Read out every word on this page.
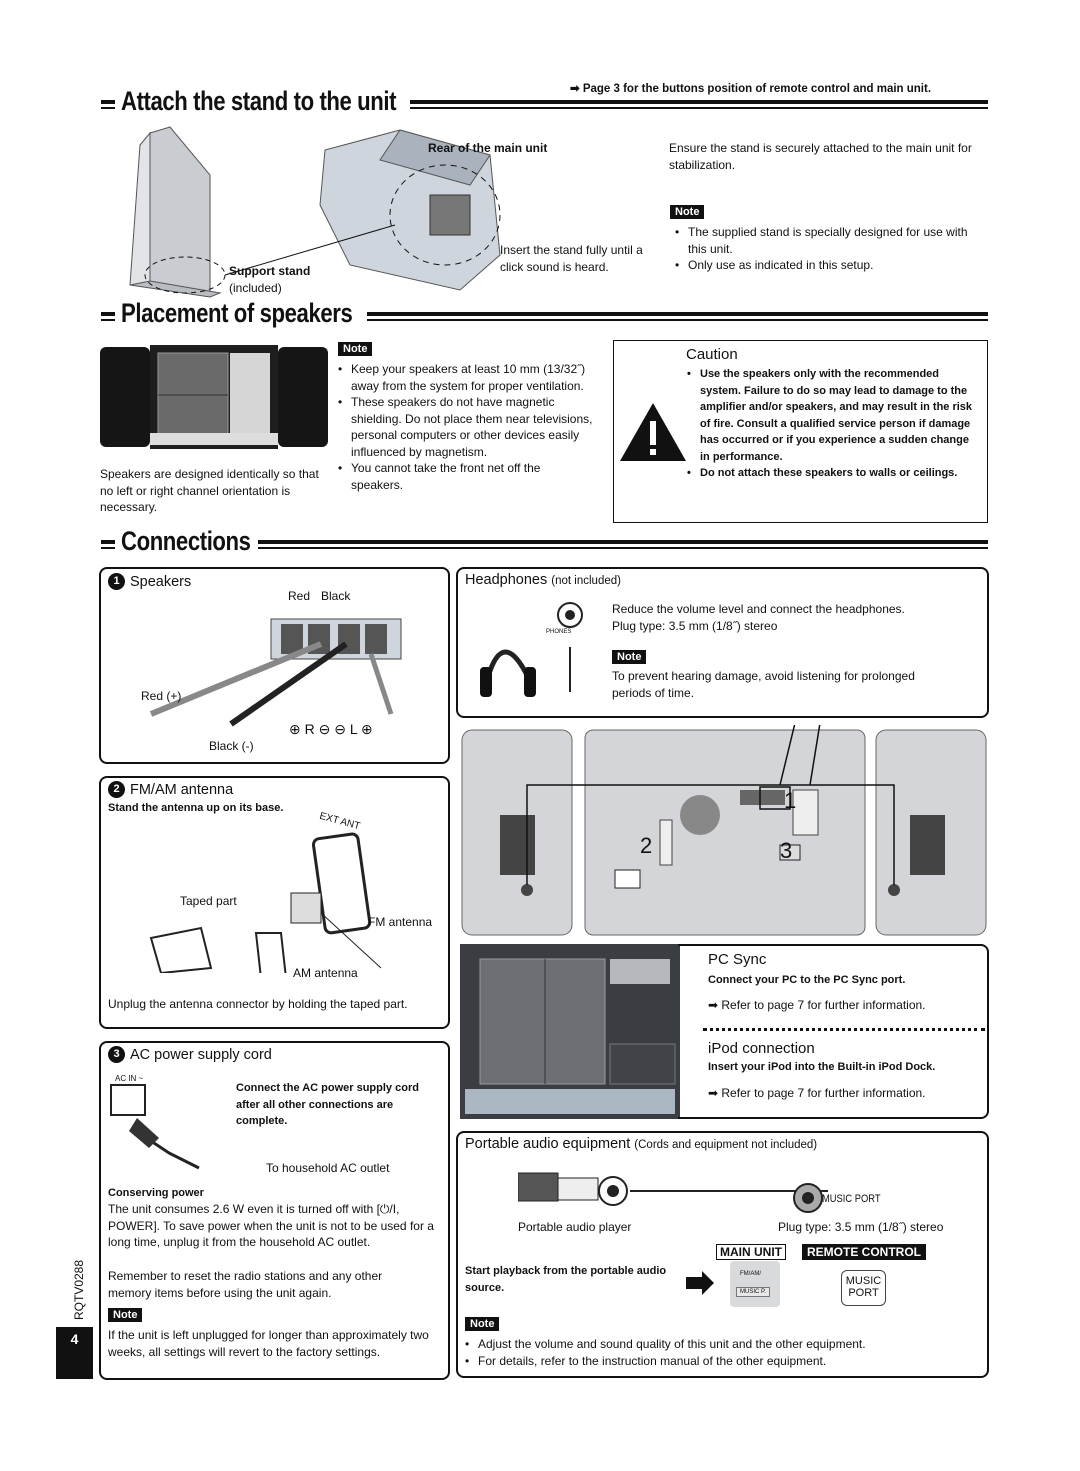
➡ Page 3 for the buttons position of remote control and main unit.
Attach the stand to the unit
Rear of the main unit
Support stand
(included)
Insert the stand fully until a click sound is heard.
Ensure the stand is securely attached to the main unit for stabilization.
Note
• The supplied stand is specially designed for use with this unit.
• Only use as indicated in this setup.
Placement of speakers
Speakers are designed identically so that no left or right channel orientation is necessary.
Note
• Keep your speakers at least 10 mm (13/32˝) away from the system for proper ventilation.
• These speakers do not have magnetic shielding. Do not place them near televisions, personal computers or other devices easily influenced by magnetism.
• You cannot take the front net off the speakers.
Caution
• Use the speakers only with the recommended system. Failure to do so may lead to damage to the amplifier and/or speakers, and may result in the risk of fire. Consult a qualified service person if damage has occurred or if you experience a sudden change in performance.
• Do not attach these speakers to walls or ceilings.
Connections
1 Speakers
Red Black
Red (+)
⊕ R ⊖ ⊖ L ⊕
Black (-)
2 FM/AM antenna
Stand the antenna up on its base.
EXT ANT
Taped part
FM antenna
AM antenna
Unplug the antenna connector by holding the taped part.
3 AC power supply cord
AC IN ~
Connect the AC power supply cord after all other connections are complete.
To household AC outlet
Conserving power
The unit consumes 2.6 W even it is turned off with [⏻/I, POWER]. To save power when the unit is not to be used for a long time, unplug it from the household AC outlet.
Remember to reset the radio stations and any other memory items before using the unit again.
Note
If the unit is left unplugged for longer than approximately two weeks, all settings will revert to the factory settings.
Headphones (not included)
PHONES
Reduce the volume level and connect the headphones.
Plug type: 3.5 mm (1/8˝) stereo
Note
To prevent hearing damage, avoid listening for prolonged periods of time.
1
2	3
PC Sync
Connect your PC to the PC Sync port.
➡ Refer to page 7 for further information.
iPod connection
Insert your iPod into the Built-in iPod Dock.
➡ Refer to page 7 for further information.
Portable audio equipment (Cords and equipment not included)
MUSIC PORT
Portable audio player	Plug type: 3.5 mm (1/8˝) stereo
MAIN UNIT	REMOTE CONTROL
Start playback from the portable audio source.
FM/AM/
MUSIC P.
MUSIC
PORT
Note
• Adjust the volume and sound quality of this unit and the other equipment.
• For details, refer to the instruction manual of the other equipment.
RQTV0288
4
